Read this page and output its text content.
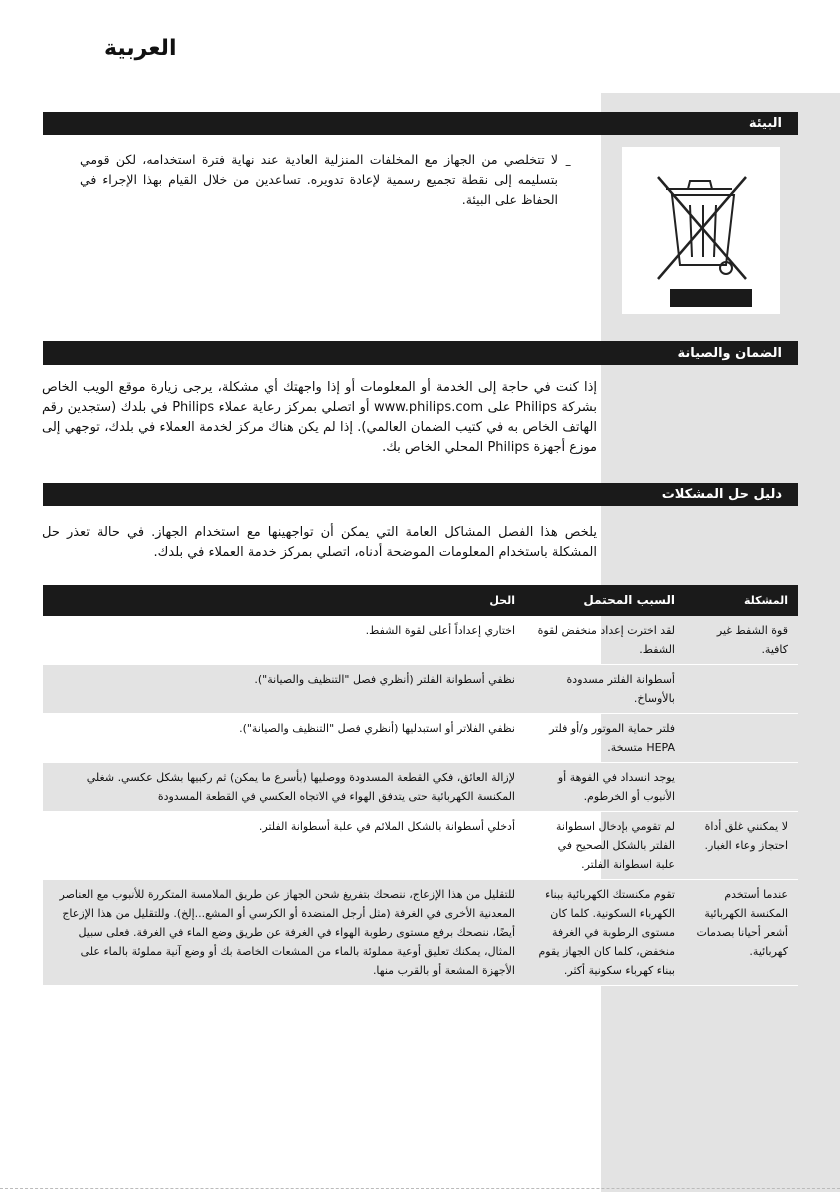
العربية
البيئة
–
لا تتخلصي من الجهاز مع المخلفات المنزلية العادية عند نهاية فترة استخدامه، لكن قومي بتسليمه إلى نقطة تجميع رسمية لإعادة تدويره. تساعدين من خلال القيام بهذا الإجراء في الحفاظ على البيئة.
الضمان والصيانة
إذا كنت في حاجة إلى الخدمة أو المعلومات أو إذا واجهتك أي مشكلة، يرجى زيارة موقع الويب الخاص بشركة Philips على www.philips.com أو اتصلي بمركز رعاية عملاء Philips في بلدك (ستجدين رقم الهاتف الخاص به في كتيب الضمان العالمي). إذا لم يكن هناك مركز لخدمة العملاء في بلدك، توجهي إلى موزع أجهزة Philips المحلي الخاص بك.
دليل حل المشكلات
يلخص هذا الفصل المشاكل العامة التي يمكن أن تواجهينها مع استخدام الجهاز. في حالة تعذر حل المشكلة باستخدام المعلومات الموضحة أدناه، اتصلي بمركز خدمة العملاء في بلدك.
المشكلة	السبب المحتمل	الحل
قوة الشفط غير كافية.	لقد اخترت إعداد منخفض لقوة الشفط.	اختاري إعداداً أعلى لقوة الشفط.
	أسطوانة الفلتر مسدودة بالأوساخ.	نظفي أسطوانة الفلتر (أنظري فصل "التنظيف والصيانة").
	فلتر حماية الموتور و/أو فلتر HEPA متسخة.	نظفي الفلاتر أو استبدليها (أنظري فصل "التنظيف والصيانة").
	يوجد انسداد في الفوهة أو الأنبوب أو الخرطوم.	لإزالة العائق، فكي القطعة المسدودة ووصليها (بأسرع ما يمكن) ثم ركبيها بشكل عكسي. شغلي المكنسة الكهربائية حتى يتدفق الهواء في الاتجاه العكسي في القطعة المسدودة
لا يمكنني غلق أداة احتجاز وعاء الغبار.	لم تقومي بإدخال اسطوانة الفلتر بالشكل الصحيح في علبة اسطوانة الفلتر.	أدخلي أسطوانة بالشكل الملائم في علبة أسطوانة الفلتر.
عندما أستخدم المكنسة الكهربائية أشعر أحيانا بصدمات كهربائية.	تقوم مكنستك الكهربائية ببناء الكهرباء السكونية. كلما كان مستوى الرطوبة في الغرفة منخفض، كلما كان الجهاز يقوم ببناء كهرباء سكونية أكثر.	للتقليل من هذا الإزعاج، ننصحك بتفريغ شحن الجهاز عن طريق الملامسة المتكررة للأنبوب مع العناصر المعدنية الأخرى في الغرفة (مثل أرجل المنضدة أو الكرسي أو المشع...إلخ). وللتقليل من هذا الإزعاج أيضًا، ننصحك برفع مستوى رطوبة الهواء في الغرفة عن طريق وضع الماء في الغرفة. فعلى سبيل المثال، يمكنك تعليق أوعية مملوئة بالماء من المشعات الخاصة بك أو وضع آنية مملوئة بالماء على الأجهزة المشعة أو بالقرب منها.
